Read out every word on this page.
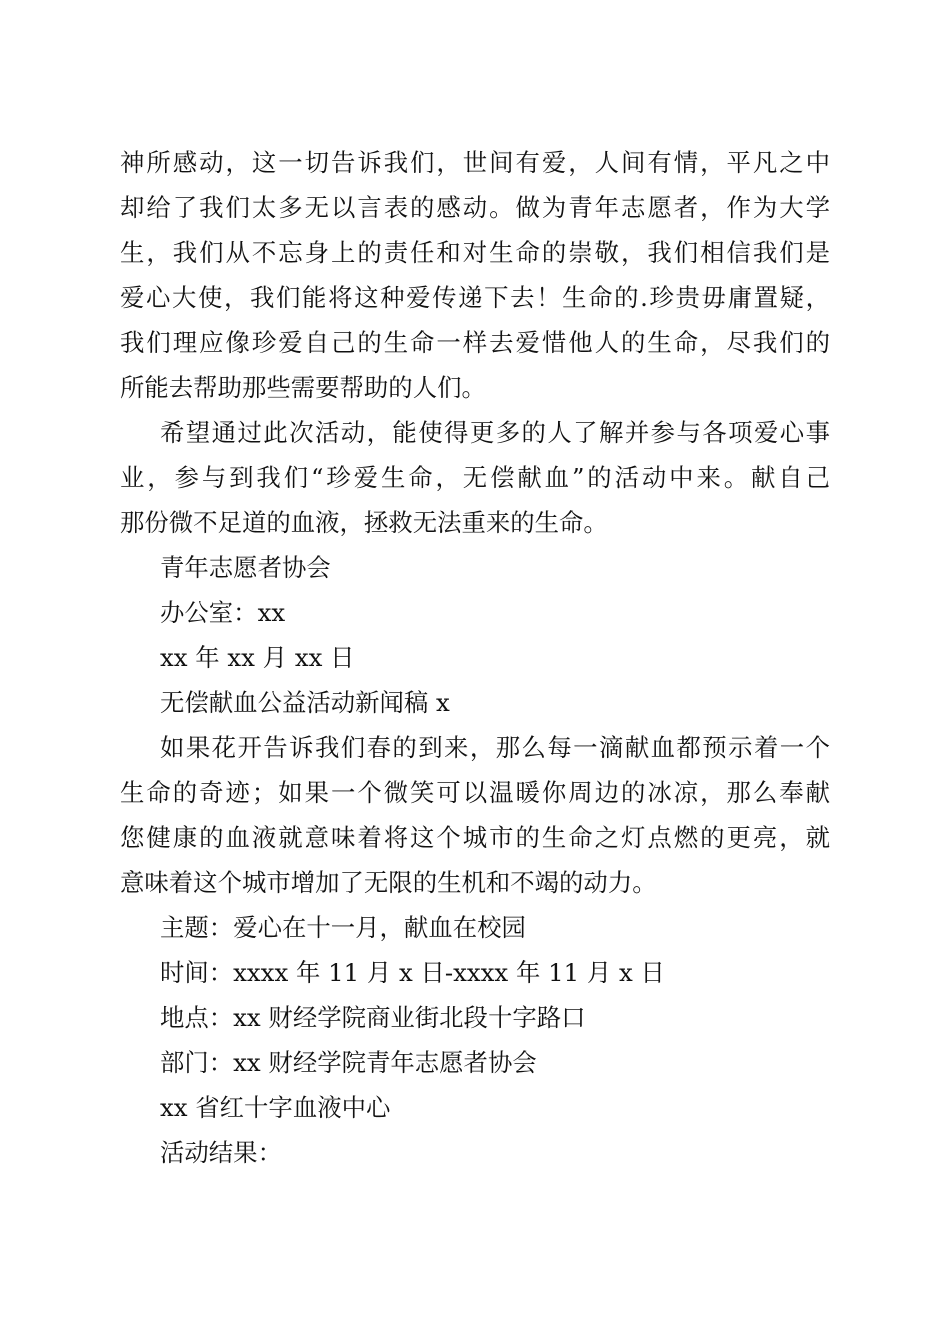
神所感动，这一切告诉我们，世间有爱，人间有情，平凡之中
却给了我们太多无以言表的感动。做为青年志愿者，作为大学
生，我们从不忘身上的责任和对生命的崇敬，我们相信我们是
爱心大使，我们能将这种爱传递下去！生命的.珍贵毋庸置疑，
我们理应像珍爱自己的生命一样去爱惜他人的生命，尽我们的
所能去帮助那些需要帮助的人们。
希望通过此次活动，能使得更多的人了解并参与各项爱心事
业，参与到我们“珍爱生命，无偿献血”的活动中来。献自己
那份微不足道的血液，拯救无法重来的生命。
青年志愿者协会
办公室：xx
xx 年 xx 月 xx 日
无偿献血公益活动新闻稿 x
如果花开告诉我们春的到来，那么每一滴献血都预示着一个
生命的奇迹；如果一个微笑可以温暖你周边的冰凉，那么奉献
您健康的血液就意味着将这个城市的生命之灯点燃的更亮，就
意味着这个城市增加了无限的生机和不竭的动力。
主题：爱心在十一月，献血在校园
时间：xxxx 年 11 月 x 日-xxxx 年 11 月 x 日
地点：xx 财经学院商业街北段十字路口
部门：xx 财经学院青年志愿者协会
xx 省红十字血液中心
活动结果：
